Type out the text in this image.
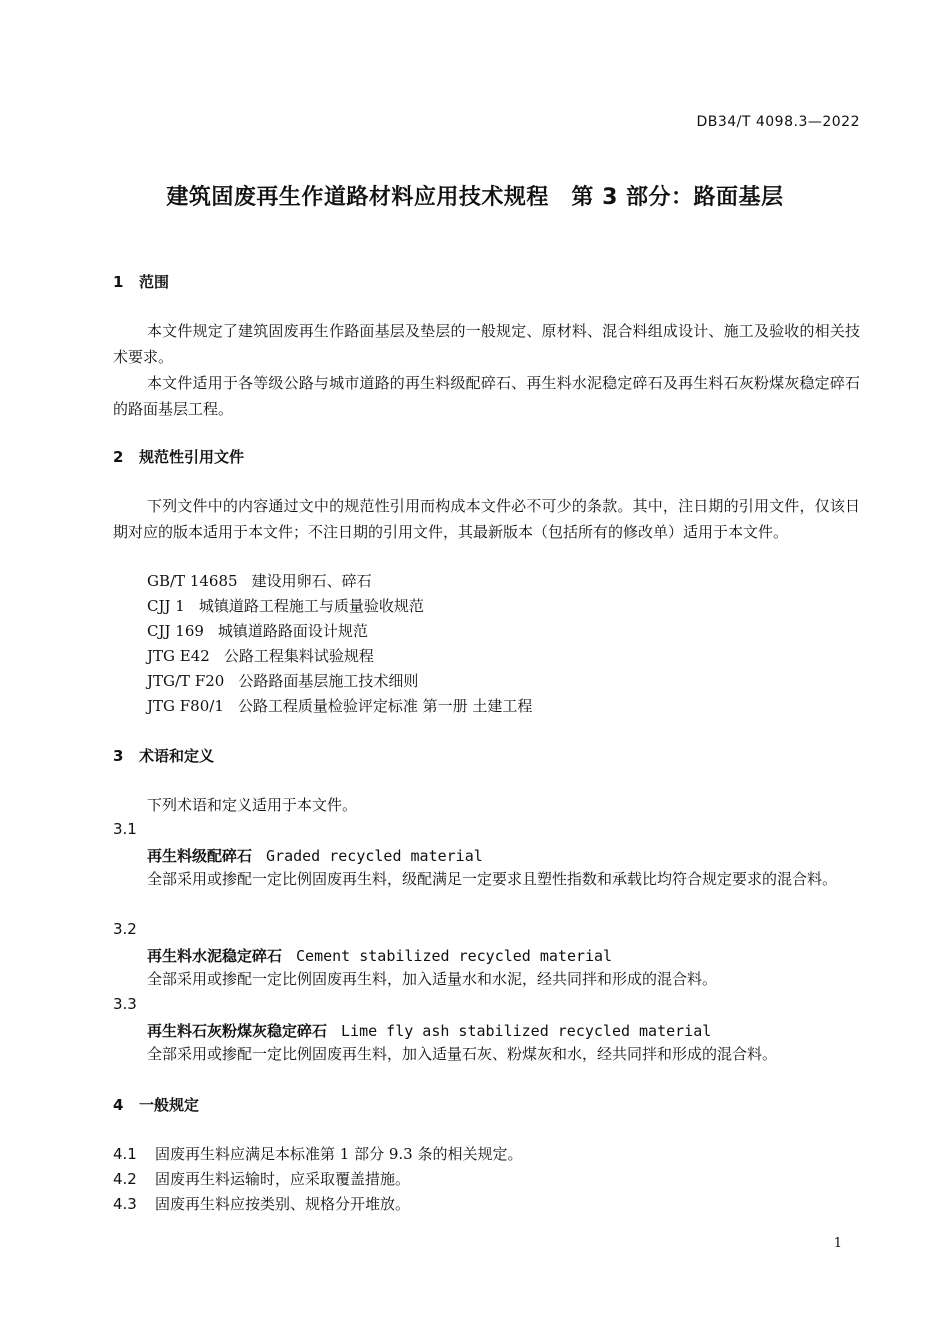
DB34/T 4098.3—2022
建筑固废再生作道路材料应用技术规程　第 3 部分：路面基层
1 范围
本文件规定了建筑固废再生作路面基层及垫层的一般规定、原材料、混合料组成设计、施工及验收的相关技术要求。
本文件适用于各等级公路与城市道路的再生料级配碎石、再生料水泥稳定碎石及再生料石灰粉煤灰稳定碎石的路面基层工程。
2 规范性引用文件
下列文件中的内容通过文中的规范性引用而构成本文件必不可少的条款。其中，注日期的引用文件，仅该日期对应的版本适用于本文件；不注日期的引用文件，其最新版本（包括所有的修改单）适用于本文件。
GB/T 14685 建设用卵石、碎石
CJJ 1 城镇道路工程施工与质量验收规范
CJJ 169 城镇道路路面设计规范
JTG E42 公路工程集料试验规程
JTG/T F20 公路路面基层施工技术细则
JTG F80/1 公路工程质量检验评定标准 第一册 土建工程
3 术语和定义
下列术语和定义适用于本文件。
3.1
再生料级配碎石 Graded recycled material
全部采用或掺配一定比例固废再生料，级配满足一定要求且塑性指数和承载比均符合规定要求的混合料。
3.2
再生料水泥稳定碎石 Cement stabilized recycled material
全部采用或掺配一定比例固废再生料，加入适量水和水泥，经共同拌和形成的混合料。
3.3
再生料石灰粉煤灰稳定碎石 Lime fly ash stabilized recycled material
全部采用或掺配一定比例固废再生料，加入适量石灰、粉煤灰和水，经共同拌和形成的混合料。
4 一般规定
4.1 固废再生料应满足本标准第 1 部分 9.3 条的相关规定。
4.2 固废再生料运输时，应采取覆盖措施。
4.3 固废再生料应按类别、规格分开堆放。
1
